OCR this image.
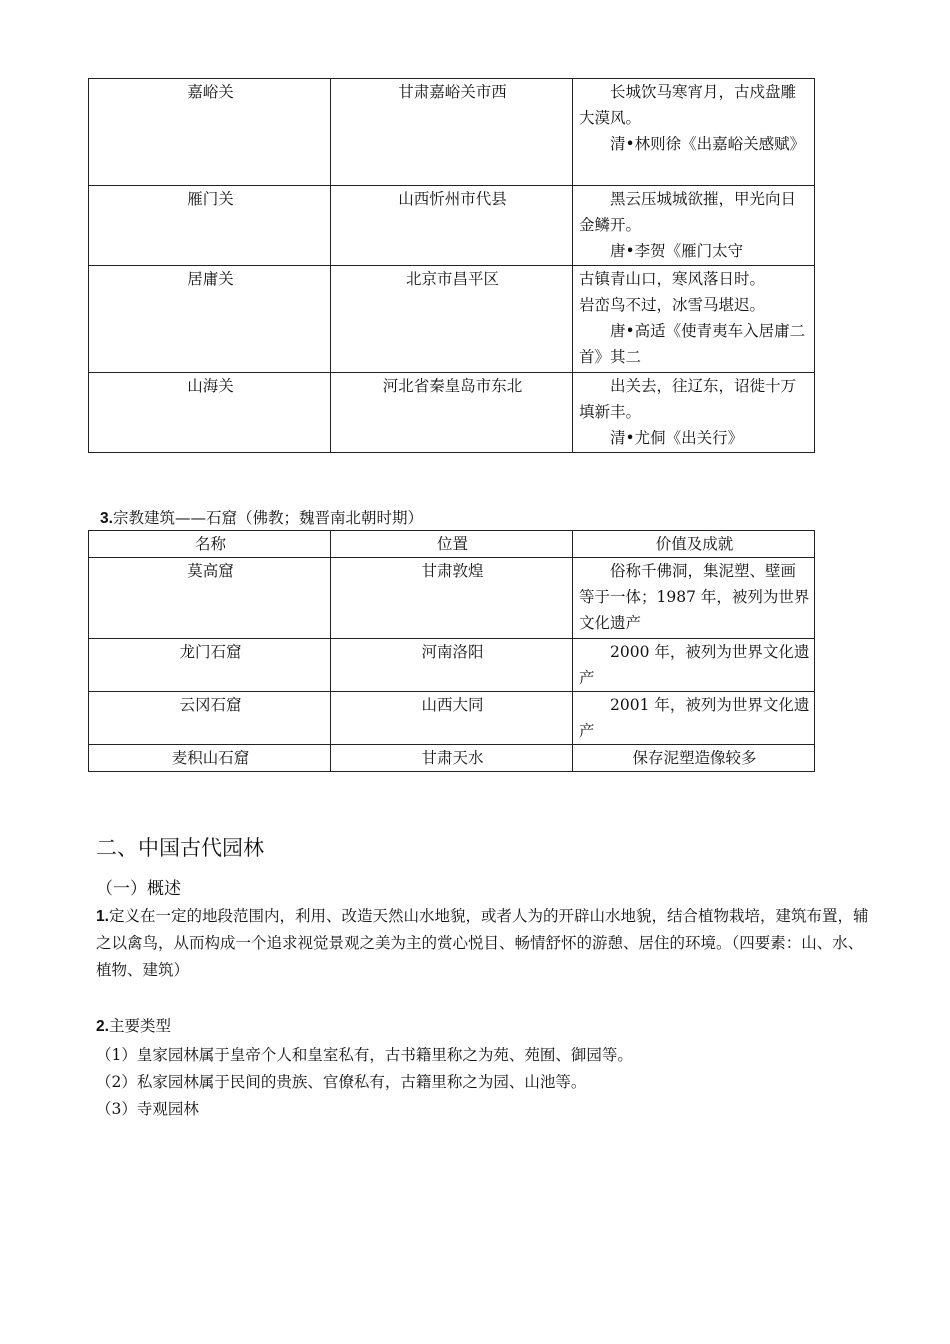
嘉峪关	甘肃嘉峪关市西	长城饮马寒宵月，古戍盘雕大漠风。

清•林则徐《出嘉峪关感赋》

雁门关	山西忻州市代县	黑云压城城欲摧，甲光向日金鳞开。

唐•李贺《雁门太守

居庸关	北京市昌平区	古镇青山口，寒风落日时。

岩峦鸟不过，冰雪马堪迟。

唐•高适《使青夷车入居庸二首》其二

山海关	河北省秦皇岛市东北	出关去，往辽东，诏徙十万填新丰。

清•尤侗《出关行》

3.宗教建筑——石窟（佛教；魏晋南北朝时期）
名称	位置	价值及成就
莫高窟	甘肃敦煌	俗称千佛洞，集泥塑、壁画等于一体；1987 年，被列为世界文化遗产
龙门石窟	河南洛阳	2000 年，被列为世界文化遗产
云冈石窟	山西大同	2001 年，被列为世界文化遗产
麦积山石窟	甘肃天水	保存泥塑造像较多
二、中国古代园林
（一）概述

1.定义在一定的地段范围内，利用、改造天然山水地貌，或者人为的开辟山水地貌，结合植物栽培，建筑布置，辅之以禽鸟，从而构成一个追求视觉景观之美为主的赏心悦目、畅情舒怀的游憩、居住的环境。（四要素：山、水、植物、建筑）

2.主要类型
（1）皇家园林属于皇帝个人和皇室私有，古书籍里称之为苑、苑囿、御园等。
（2）私家园林属于民间的贵族、官僚私有，古籍里称之为园、山池等。
（3）寺观园林
